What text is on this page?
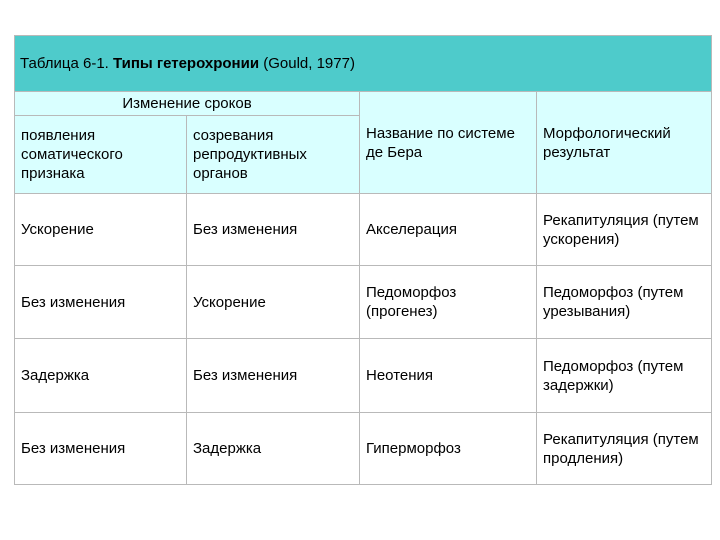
Таблица 6-1. Типы гетерохронии (Gould, 1977)			
Изменение сроков		Название по системе де Бера	Морфологический результат
появления соматического признака	созревания репродуктивных органов		
Ускорение	Без изменения	Акселерация	Рекапитуляция (путем ускорения)
Без изменения	Ускорение	Педоморфоз (прогенез)	Педоморфоз (путем урезывания)
Задержка	Без изменения	Неотения	Педоморфоз (путем задержки)
Без изменения	Задержка	Гиперморфоз	Рекапитуляция (путем продления)
